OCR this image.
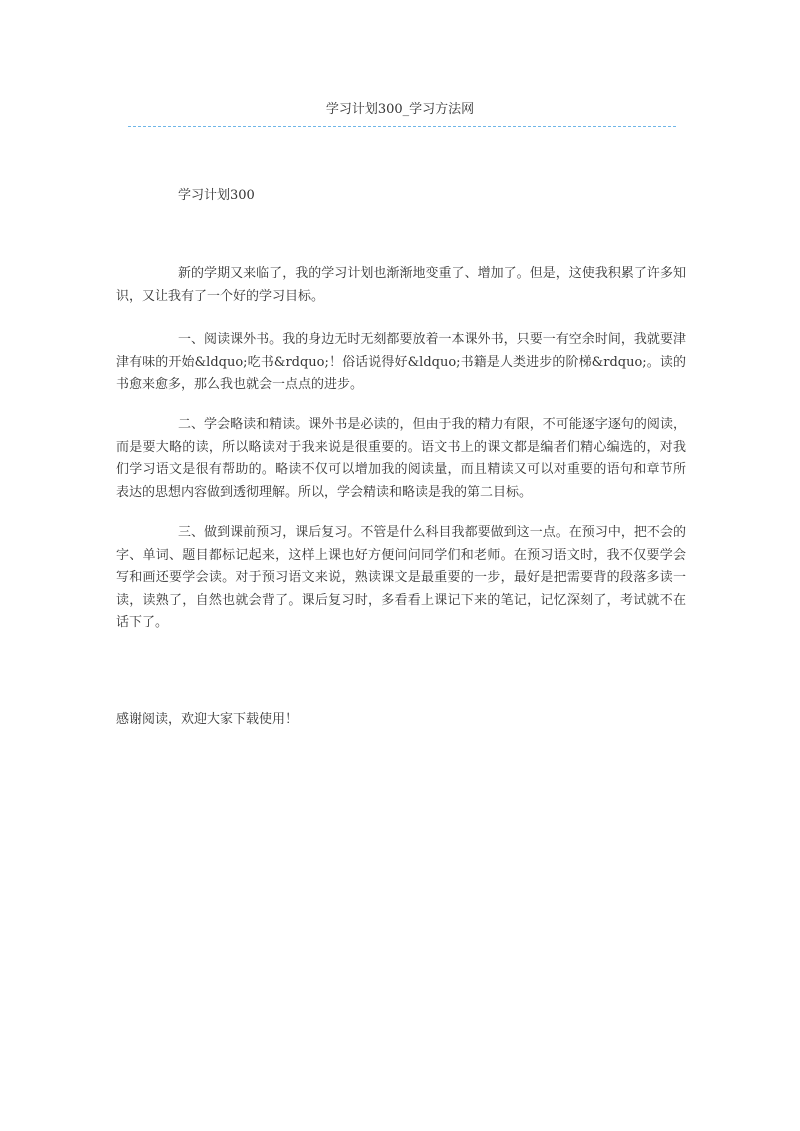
学习计划300_学习方法网
学习计划300

新的学期又来临了，我的学习计划也渐渐地变重了、增加了。但是，这使我积累了许多知识，又让我有了一个好的学习目标。

一、阅读课外书。我的身边无时无刻都要放着一本课外书，只要一有空余时间，我就要津津有味的开始&ldquo;吃书&rdquo;！俗话说得好&ldquo;书籍是人类进步的阶梯&rdquo;。读的书愈来愈多，那么我也就会一点点的进步。

二、学会略读和精读。课外书是必读的，但由于我的精力有限，不可能逐字逐句的阅读，而是要大略的读，所以略读对于我来说是很重要的。语文书上的课文都是编者们精心编选的，对我们学习语文是很有帮助的。略读不仅可以增加我的阅读量，而且精读又可以对重要的语句和章节所表达的思想内容做到透彻理解。所以，学会精读和略读是我的第二目标。

三、做到课前预习，课后复习。不管是什么科目我都要做到这一点。在预习中，把不会的字、单词、题目都标记起来，这样上课也好方便问问同学们和老师。在预习语文时，我不仅要学会写和画还要学会读。对于预习语文来说，熟读课文是最重要的一步，最好是把需要背的段落多读一读，读熟了，自然也就会背了。课后复习时，多看看上课记下来的笔记，记忆深刻了，考试就不在话下了。

感谢阅读，欢迎大家下载使用！
